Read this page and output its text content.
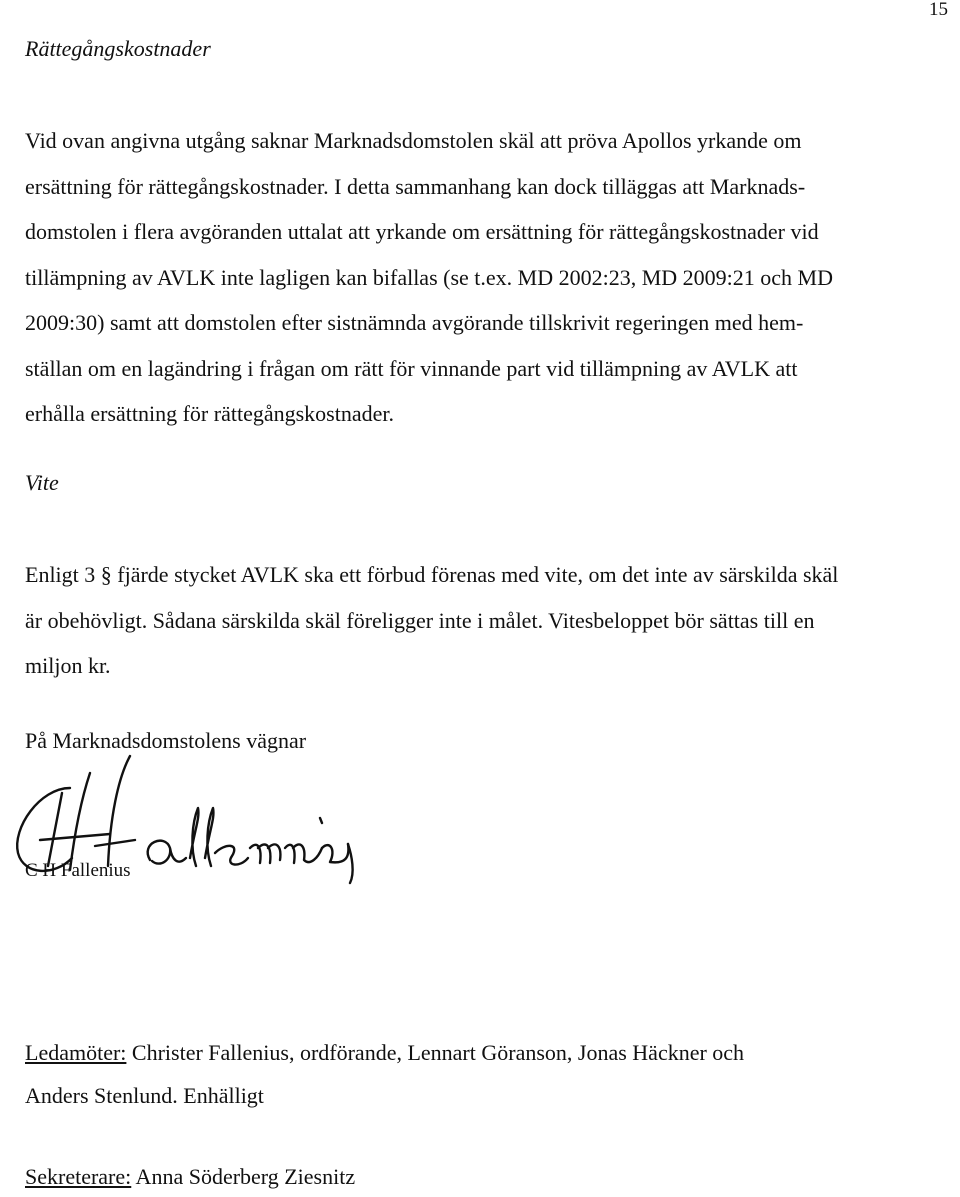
15
Rättegångskostnader
Vid ovan angivna utgång saknar Marknadsdomstolen skäl att pröva Apollos yrkande om
ersättning för rättegångskostnader. I detta sammanhang kan dock tilläggas att Marknads-
domstolen i flera avgöranden uttalat att yrkande om ersättning för rättegångskostnader vid
tillämpning av AVLK inte lagligen kan bifallas (se t.ex. MD 2002:23, MD 2009:21 och MD
2009:30) samt att domstolen efter sistnämnda avgörande tillskrivit regeringen med hem-
ställan om en lagändring i frågan om rätt för vinnande part vid tillämpning av AVLK att
erhålla ersättning för rättegångskostnader.
Vite
Enligt 3 § fjärde stycket AVLK ska ett förbud förenas med vite, om det inte av särskilda skäl
är obehövligt. Sådana särskilda skäl föreligger inte i målet. Vitesbeloppet bör sättas till en
miljon kr.
På Marknadsdomstolens vägnar
C H Fallenius
Ledamöter: Christer Fallenius, ordförande, Lennart Göranson, Jonas Häckner och
Anders Stenlund. Enhälligt
Sekreterare: Anna Söderberg Ziesnitz
